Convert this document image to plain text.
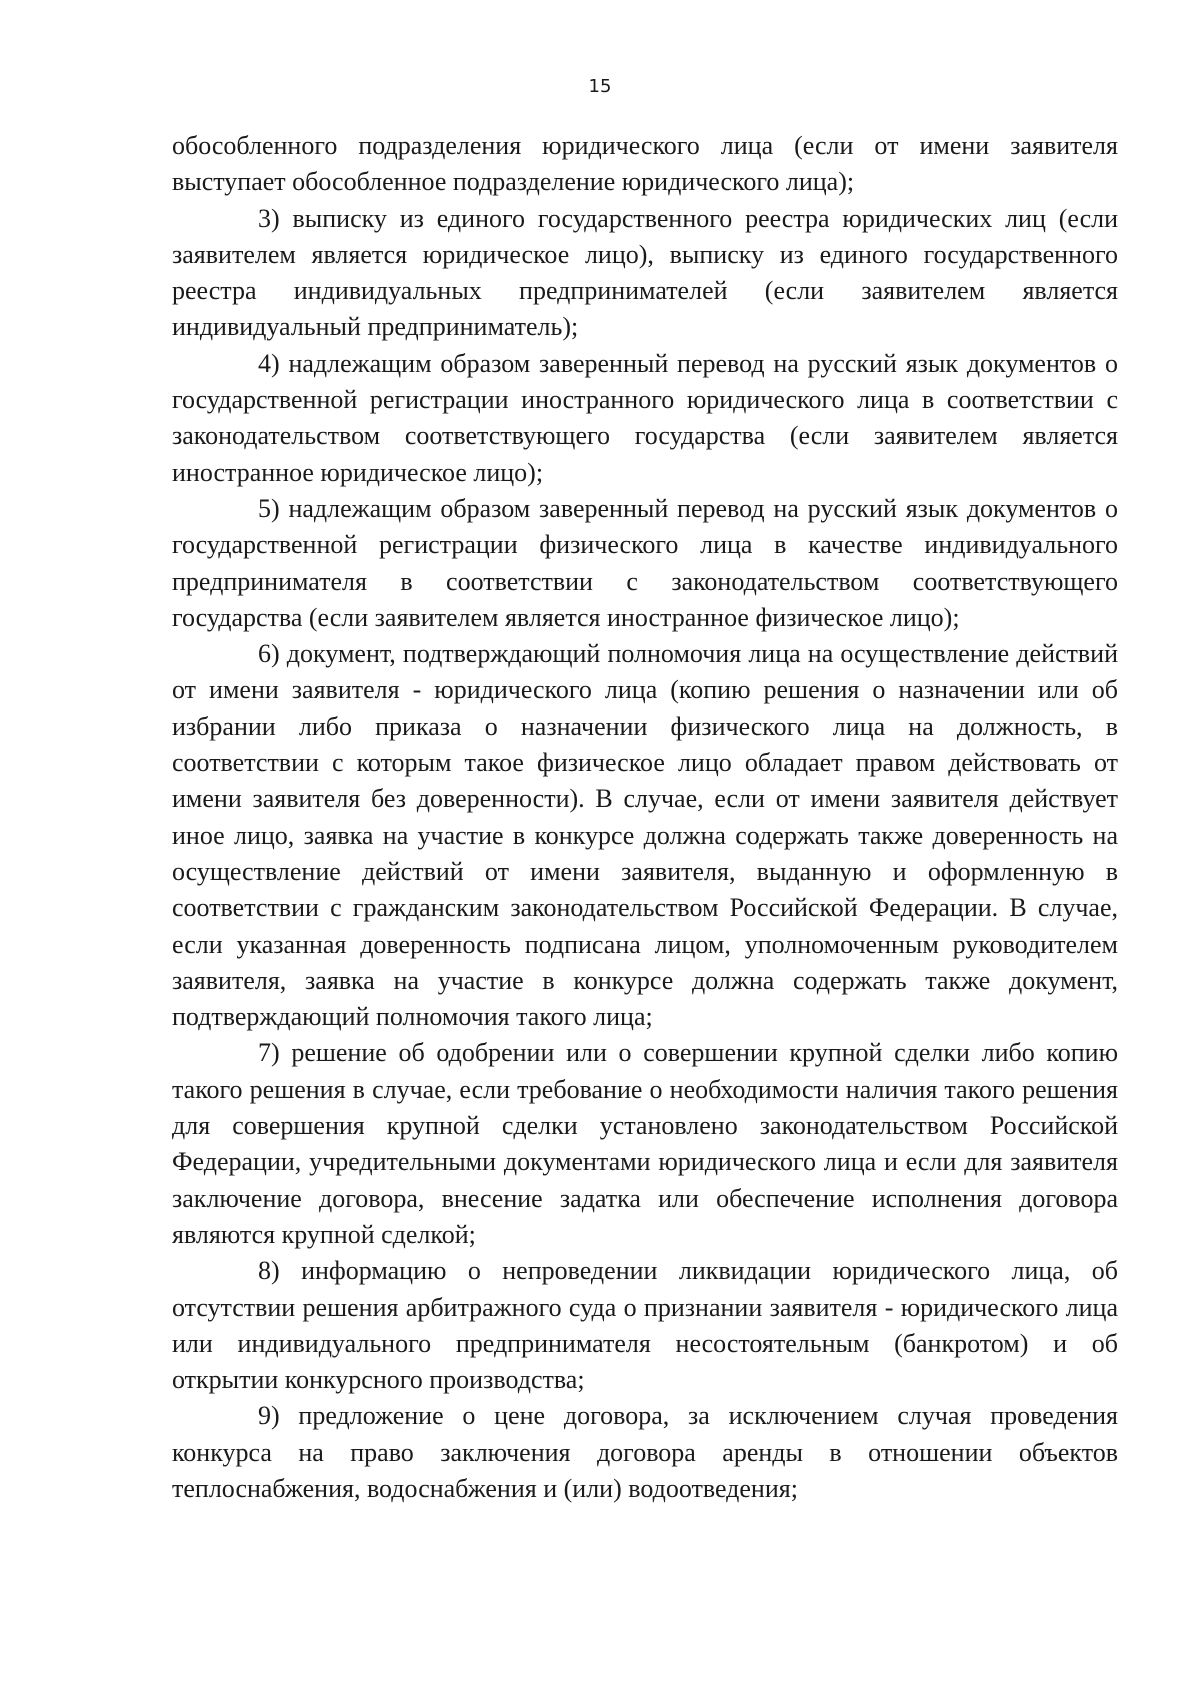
15

обособленного подразделения юридического лица (если от имени заявителя выступает обособленное подразделение юридического лица);

3) выписку из единого государственного реестра юридических лиц (если заявителем является юридическое лицо), выписку из единого государственного реестра индивидуальных предпринимателей (если заявителем является индивидуальный предприниматель);

4) надлежащим образом заверенный перевод на русский язык документов о государственной регистрации иностранного юридического лица в соответствии с законодательством соответствующего государства (если заявителем является иностранное юридическое лицо);

5) надлежащим образом заверенный перевод на русский язык документов о государственной регистрации физического лица в качестве индивидуального предпринимателя в соответствии с законодательством соответствующего государства (если заявителем является иностранное физическое лицо);

6) документ, подтверждающий полномочия лица на осуществление действий от имени заявителя - юридического лица (копию решения о назначении или об избрании либо приказа о назначении физического лица на должность, в соответствии с которым такое физическое лицо обладает правом действовать от имени заявителя без доверенности). В случае, если от имени заявителя действует иное лицо, заявка на участие в конкурсе должна содержать также доверенность на осуществление действий от имени заявителя, выданную и оформленную в соответствии с гражданским законодательством Российской Федерации. В случае, если указанная доверенность подписана лицом, уполномоченным руководителем заявителя, заявка на участие в конкурсе должна содержать также документ, подтверждающий полномочия такого лица;

7) решение об одобрении или о совершении крупной сделки либо копию такого решения в случае, если требование о необходимости наличия такого решения для совершения крупной сделки установлено законодательством Российской Федерации, учредительными документами юридического лица и если для заявителя заключение договора, внесение задатка или обеспечение исполнения договора являются крупной сделкой;

8) информацию о непроведении ликвидации юридического лица, об отсутствии решения арбитражного суда о признании заявителя - юридического лица или индивидуального предпринимателя несостоятельным (банкротом) и об открытии конкурсного производства;

9) предложение о цене договора, за исключением случая проведения конкурса на право заключения договора аренды в отношении объектов теплоснабжения, водоснабжения и (или) водоотведения;
